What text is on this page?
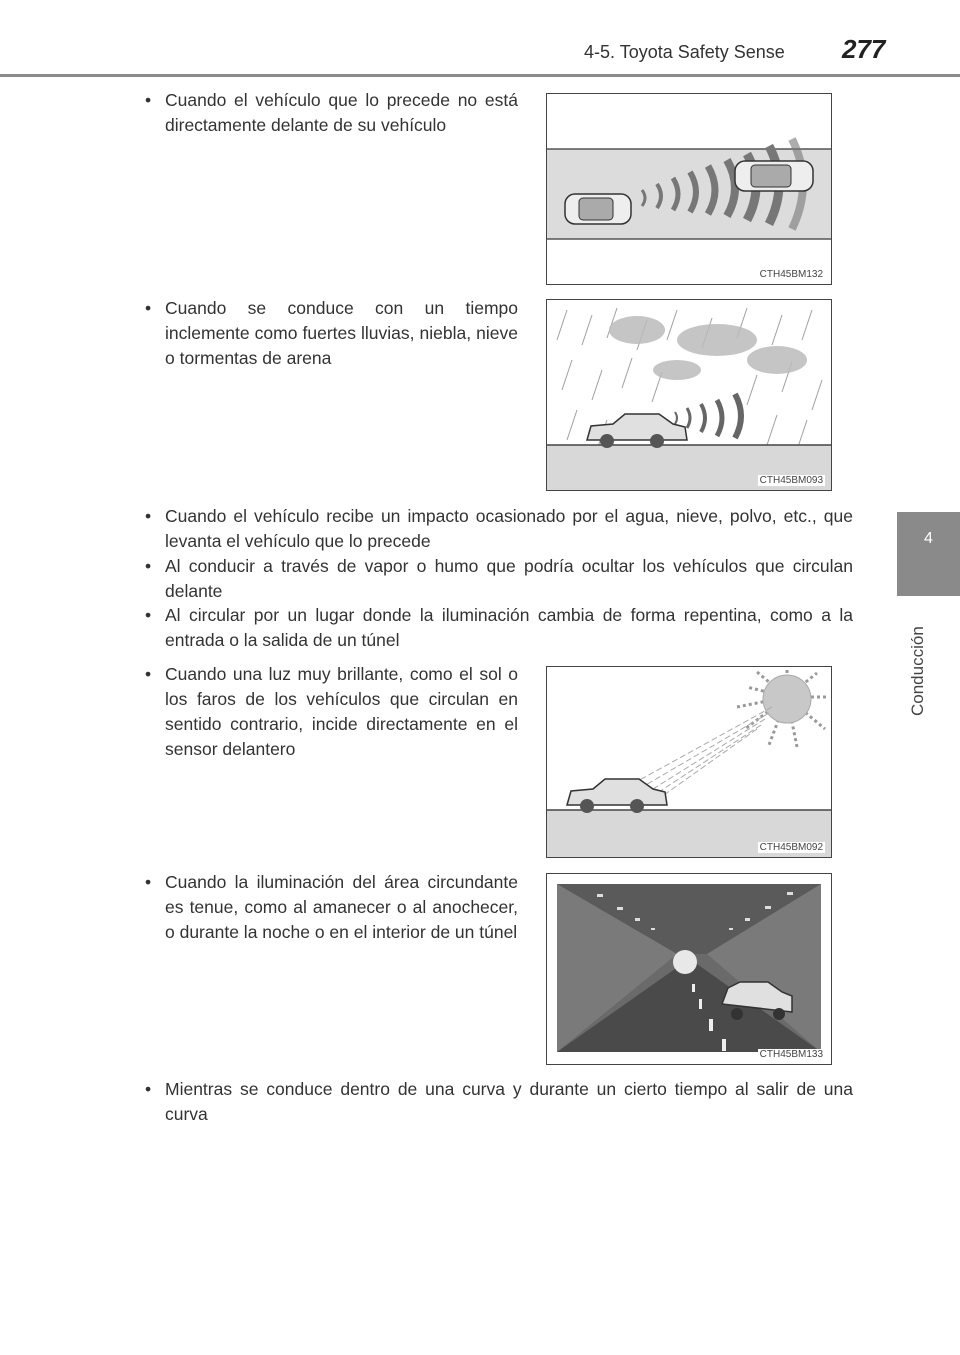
4-5. Toyota Safety Sense 277
4
Conducción
• Cuando el vehículo que lo precede no está directamente delante de su vehículo
CTH45BM132
• Cuando se conduce con un tiempo inclemente como fuertes lluvias, niebla, nieve o tormentas de arena
CTH45BM093
• Cuando el vehículo recibe un impacto ocasionado por el agua, nieve, polvo, etc., que levanta el vehículo que lo precede
• Al conducir a través de vapor o humo que podría ocultar los vehículos que circulan delante
• Al circular por un lugar donde la iluminación cambia de forma repentina, como a la entrada o la salida de un túnel
• Cuando una luz muy brillante, como el sol o los faros de los vehículos que circulan en sentido contrario, incide directamente en el sensor delantero
CTH45BM092
• Cuando la iluminación del área circundante es tenue, como al amanecer o al anochecer, o durante la noche o en el interior de un túnel
CTH45BM133
• Mientras se conduce dentro de una curva y durante un cierto tiempo al salir de una curva
